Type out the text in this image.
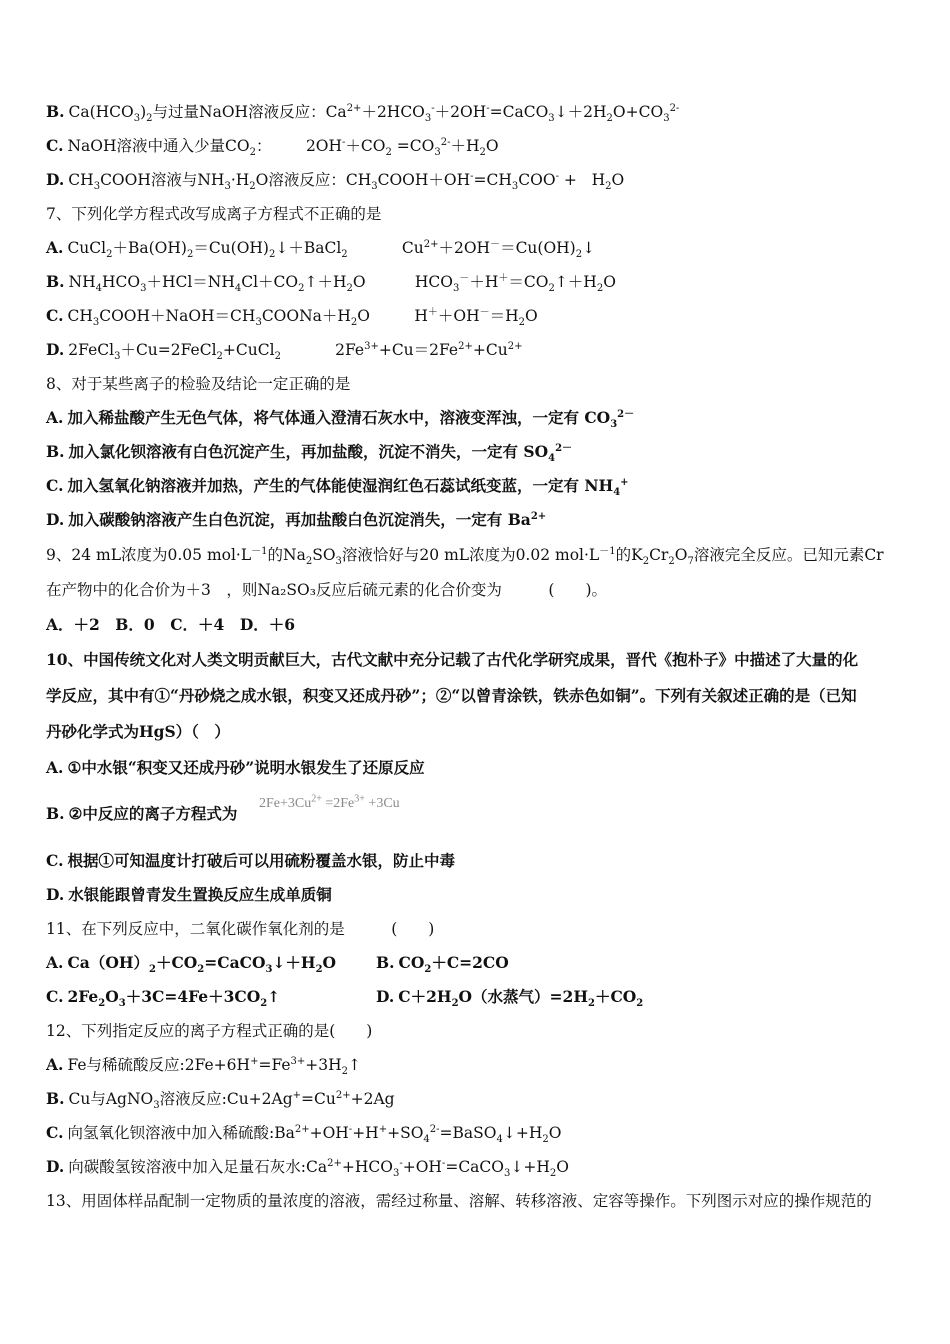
B. $Ca(HCO_3)_2$与过量NaOH溶液反应：$Ca^{2+}+2HCO_3^-+2OH^-=CaCO_3↓+2H_2O+CO_3^{2-}$
C. NaOH溶液中通入少量$CO_2$：       $2OH^-+CO_2 =CO_3^{2-}+H_2O$
D. $CH_3COOH$溶液与$NH_3\cdot H_2O$溶液反应：$CH_3COOH+OH^-=CH_3COO^- + H_2O$
7、下列化学方程式改写成离子方程式不正确的是
A. $CuCl_2+Ba(OH)_2=Cu(OH)_2↓+BaCl_2$           $Cu^{2+}+2OH^-=Cu(OH)_2↓$
B. $NH_4HCO_3+HCl=NH_4Cl+CO_2↑+H_2O$          $HCO_3^-+H^+=CO_2↑+H_2O$
C. $CH_3COOH+NaOH=CH_3COONa+H_2O$         $H^++OH^-=H_2O$
D. 2FeCl$_3$＋Cu=2FeCl$_2$+CuCl$_2$           $2Fe^{3+}+Cu=2Fe^{2+}+Cu^{2+}$
8、对于某些离子的检验及结论一定正确的是
A. 加入稀盐酸产生无色气体，将气体通入澄清石灰水中，溶液变浑浊，一定有 $CO_3^{2-}$
B. 加入氯化钡溶液有白色沉淀产生，再加盐酸，沉淀不消失，一定有 $SO_4^{2-}$
C. 加入氢氧化钠溶液并加热，产生的气体能使湿润红色石蕊试纸变蓝，一定有 $NH_4^+$
D. 加入碳酸钠溶液产生白色沉淀，再加盐酸白色沉淀消失，一定有 $Ba^{2+}$
9、24 mL浓度为0.05 $mol\cdot L^{-1}$的$Na_2SO_3$溶液恰好与20 mL浓度为0.02 $mol\cdot L^{-1}$的$K_2Cr_2O_7$溶液完全反应。已知元素Cr
在产物中的化合价为＋3　，则Na₂SO₃反应后硫元素的化合价变为　　　(　　)。
A．＋2　B．0　C．＋4　D．＋6
10、中国传统文化对人类文明贡献巨大，古代文献中充分记载了古代化学研究成果，晋代《抱朴子》中描述了大量的化
学反应，其中有①“丹砂烧之成水银，积变又还成丹砂”；②“以曾青涂铁，铁赤色如铜”。下列有关叙述正确的是（已知
丹砂化学式为HgS）（　）
A. ①中水银“积变又还成丹砂”说明水银发生了还原反应
B. ②中反应的离子方程式为
$2Fe+3Cu^{2+} =2Fe^{3+} +3Cu$
C. 根据①可知温度计打破后可以用硫粉覆盖水银，防止中毒
D. 水银能跟曾青发生置换反应生成单质铜
11、在下列反应中，二氧化碳作氧化剂的是　　　(　　)
A. $Ca(OH)_2+CO_2=CaCO_3↓+H_2O$	B. $CO_2+C=2CO$
C. $2Fe_2O_3+3C=4Fe+3CO_2↑$	D. $C+2H_2O$（水蒸气）$=2H_2+CO_2$
12、下列指定反应的离子方程式正确的是(　　)
A. Fe与稀硫酸反应$:2Fe+6H^+=Fe^{3+}+3H_2↑$
B. Cu与AgNO$_3$溶液反应$:Cu+2Ag^+=Cu^{2+}+2Ag$
C. 向氢氧化钡溶液中加入稀硫酸$:Ba^{2+}+OH^-+H^++SO_4^{2-}=BaSO_4↓+H_2O$
D. 向碳酸氢铵溶液中加入足量石灰水$:Ca^{2+}+HCO_3^-+OH^-=CaCO_3↓+H_2O$
13、用固体样品配制一定物质的量浓度的溶液，需经过称量、溶解、转移溶液、定容等操作。下列图示对应的操作规范的
